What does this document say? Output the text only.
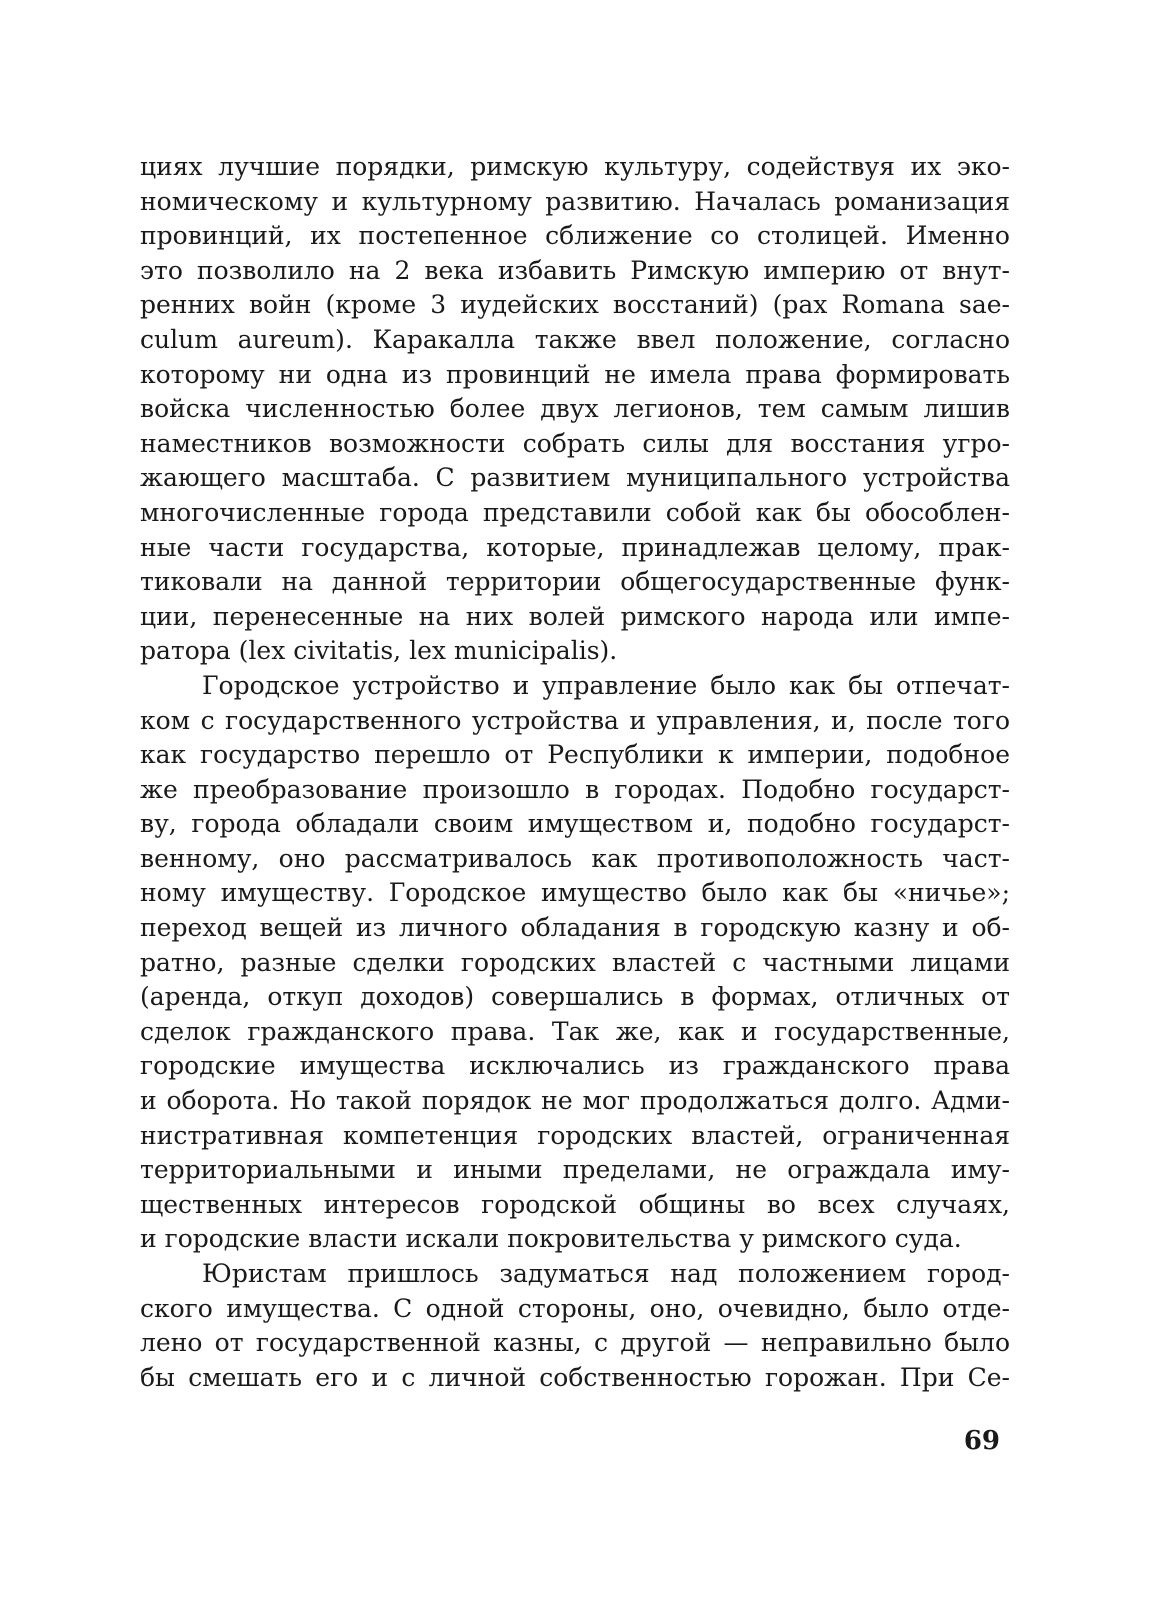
циях лучшие порядки, римскую культуру, содействуя их эко-
номическому и культурному развитию. Началась романизация
провинций, их постепенное сближение со столицей. Именно
это позволило на 2 века избавить Римскую империю от внут-
ренних войн (кроме 3 иудейских восстаний) (pax Romana sae-
culum aureum). Каракалла также ввел положение, согласно
которому ни одна из провинций не имела права формировать
войска численностью более двух легионов, тем самым лишив
наместников возможности собрать силы для восстания угро-
жающего масштаба. С развитием муниципального устройства
многочисленные города представили собой как бы обособлен-
ные части государства, которые, принадлежав целому, прак-
тиковали на данной территории общегосударственные функ-
ции, перенесенные на них волей римского народа или импе-
ратора (lex civitatis, lex municipalis).
Городское устройство и управление было как бы отпечат-
ком с государственного устройства и управления, и, после того
как государство перешло от Республики к империи, подобное
же преобразование произошло в городах. Подобно государст-
ву, города обладали своим имуществом и, подобно государст-
венному, оно рассматривалось как противоположность част-
ному имуществу. Городское имущество было как бы «ничье»;
переход вещей из личного обладания в городскую казну и об-
ратно, разные сделки городских властей с частными лицами
(аренда, откуп доходов) совершались в формах, отличных от
сделок гражданского права. Так же, как и государственные,
городские имущества исключались из гражданского права
и оборота. Но такой порядок не мог продолжаться долго. Адми-
нистративная компетенция городских властей, ограниченная
территориальными и иными пределами, не ограждала иму-
щественных интересов городской общины во всех случаях,
и городские власти искали покровительства у римского суда.
Юристам пришлось задуматься над положением город-
ского имущества. С одной стороны, оно, очевидно, было отде-
лено от государственной казны, с другой — неправильно было
бы смешать его и с личной собственностью горожан. При Се-
69
